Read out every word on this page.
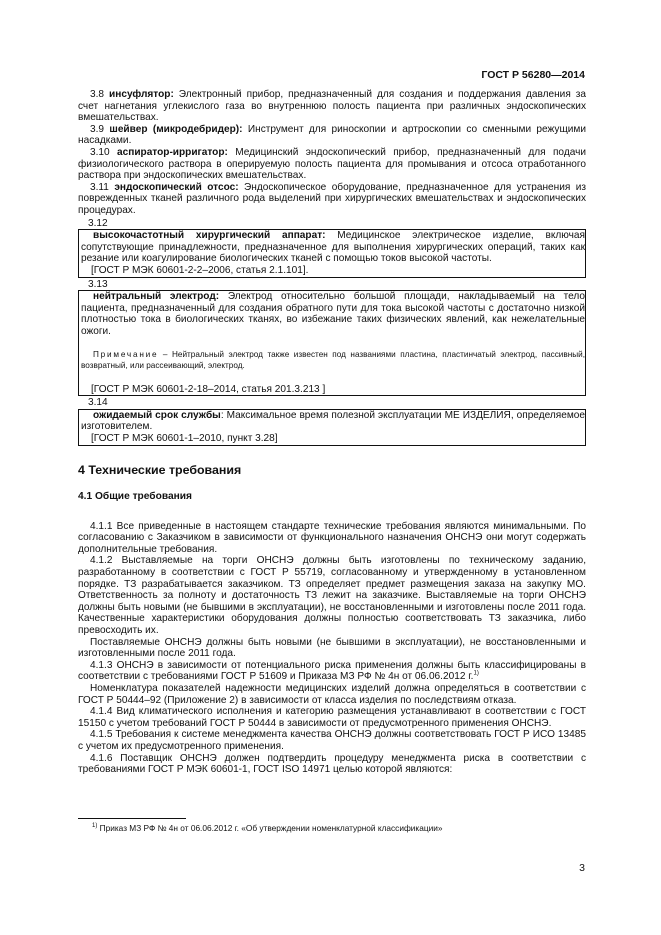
ГОСТ Р 56280—2014

3.8 инсуфлятор: Электронный прибор, предназначенный для создания и поддержания давления за счет нагнетания углекислого газа во внутреннюю полость пациента при различных эндоскопических вмешательствах.

3.9 шейвер (микродебридер): Инструмент для риноскопии и артроскопии со сменными режущими насадками.

3.10 аспиратор-ирригатор: Медицинский эндоскопический прибор, предназначенный для подачи физиологического раствора в оперируемую полость пациента для промывания и отсоса отработанного раствора при эндоскопических вмешательствах.

3.11 эндоскопический отсос: Эндоскопическое оборудование, предназначенное для устранения из поврежденных тканей различного рода выделений при хирургических вмешательствах и эндоскопических процедурах.

3.12

высокочастотный хирургический аппарат: Медицинское электрическое изделие, включая сопутствующие принадлежности, предназначенное для выполнения хирургических операций, таких как резание или коагулирование биологических тканей с помощью токов высокой частоты.

[ГОСТ Р МЭК 60601-2-2–2006, статья 2.1.101].

3.13

нейтральный электрод: Электрод относительно большой площади, накладываемый на тело пациента, предназначенный для создания обратного пути для тока высокой частоты с достаточно низкой плотностью тока в биологических тканях, во избежание таких физических явлений, как нежелательные ожоги.

Примечание – Нейтральный электрод также известен под названиями пластина, пластинчатый электрод, пассивный, возвратный, или рассеивающий, электрод.

[ГОСТ Р МЭК 60601-2-18–2014, статья 201.3.213 ]

3.14

ожидаемый срок службы: Максимальное время полезной эксплуатации МЕ ИЗДЕЛИЯ, определяемое изготовителем.

[ГОСТ Р МЭК 60601-1–2010, пункт 3.28]

4 Технические требования
4.1 Общие требования

4.1.1 Все приведенные в настоящем стандарте технические требования являются минимальными. По согласованию с Заказчиком в зависимости от функционального назначения ОНСНЭ они могут содержать дополнительные требования.

4.1.2 Выставляемые на торги ОНСНЭ должны быть изготовлены по техническому заданию, разработанному в соответствии с ГОСТ Р 55719, согласованному и утвержденному в установленном порядке. ТЗ разрабатывается заказчиком. ТЗ определяет предмет размещения заказа на закупку МО. Ответственность за полноту и достаточность ТЗ лежит на заказчике. Выставляемые на торги ОНСНЭ должны быть новыми (не бывшими в эксплуатации), не восстановленными и изготовлены после 2011 года. Качественные характеристики оборудования должны полностью соответствовать ТЗ заказчика, либо превосходить их.

Поставляемые ОНСНЭ должны быть новыми (не бывшими в эксплуатации), не восстановленными и изготовленными после 2011 года.

4.1.3 ОНСНЭ в зависимости от потенциального риска применения должны быть классифицированы в соответствии с требованиями ГОСТ Р 51609 и Приказа МЗ РФ № 4н от 06.06.2012 г.$^{1)}$

Номенклатура показателей надежности медицинских изделий должна определяться в соответствии с ГОСТ Р 50444–92 (Приложение 2) в зависимости от класса изделия по последствиям отказа.

4.1.4 Вид климатического исполнения и категорию размещения устанавливают в соответствии с ГОСТ 15150 с учетом требований ГОСТ Р 50444 в зависимости от предусмотренного применения ОНСНЭ.

4.1.5 Требования к системе менеджмента качества ОНСНЭ должны соответствовать ГОСТ Р ИСО 13485 с учетом их предусмотренного применения.

4.1.6 Поставщик ОНСНЭ должен подтвердить процедуру менеджмента риска в соответствии с требованиями ГОСТ Р МЭК 60601-1, ГОСТ ISO 14971 целью которой являются:

$^{1)}$ Приказ МЗ РФ № 4н от 06.06.2012 г. «Об утверждении номенклатурной классификации»
3
